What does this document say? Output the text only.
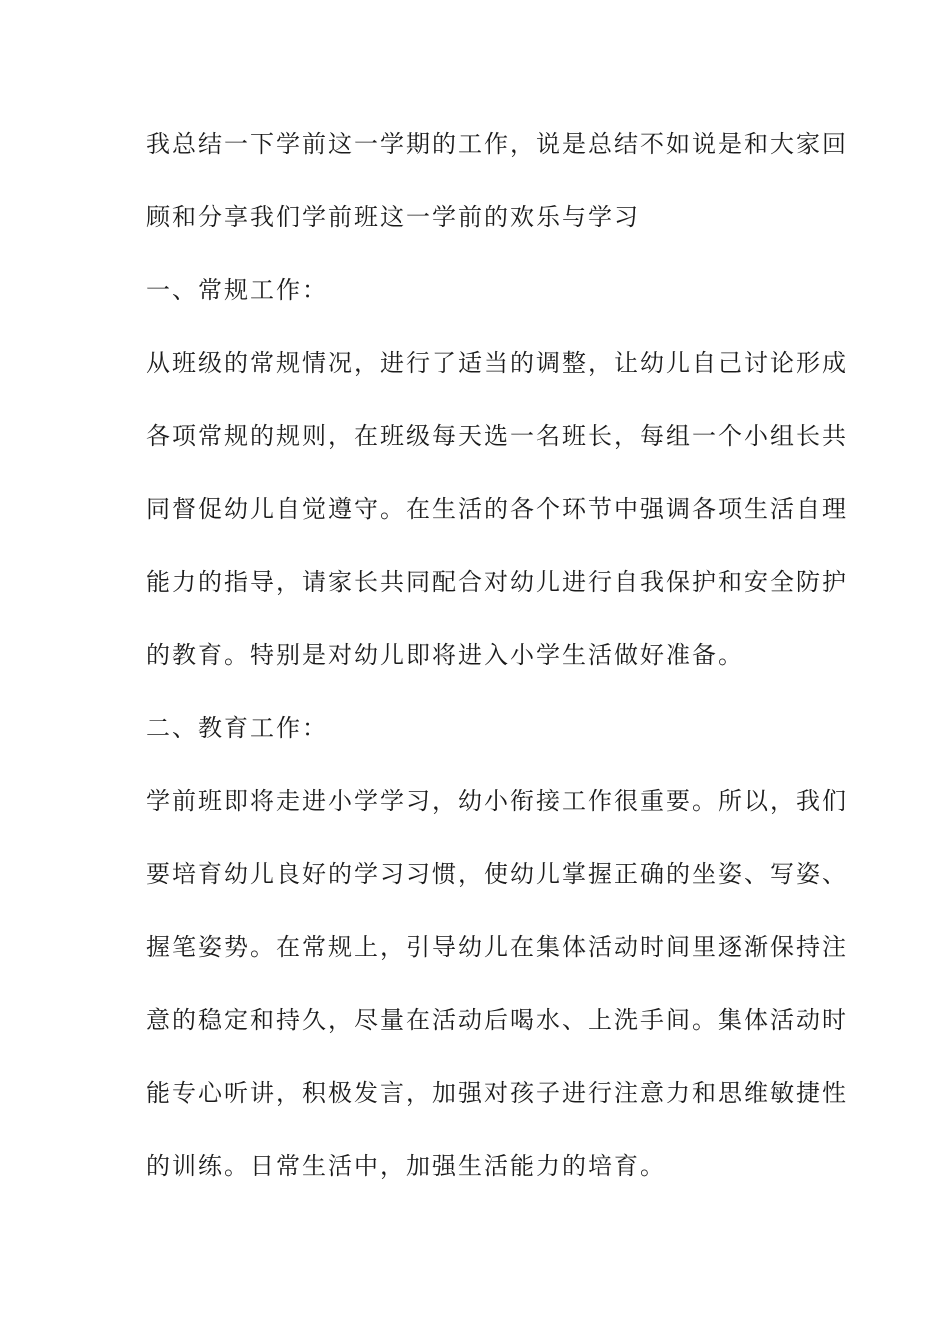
我总结一下学前这一学期的工作，说是总结不如说是和大家回
顾和分享我们学前班这一学前的欢乐与学习
一、常规工作：
从班级的常规情况，进行了适当的调整，让幼儿自己讨论形成
各项常规的规则，在班级每天选一名班长，每组一个小组长共
同督促幼儿自觉遵守。在生活的各个环节中强调各项生活自理
能力的指导，请家长共同配合对幼儿进行自我保护和安全防护
的教育。特别是对幼儿即将进入小学生活做好准备。
二、教育工作：
学前班即将走进小学学习，幼小衔接工作很重要。所以，我们
要培育幼儿良好的学习习惯，使幼儿掌握正确的坐姿、写姿、
握笔姿势。在常规上，引导幼儿在集体活动时间里逐渐保持注
意的稳定和持久，尽量在活动后喝水、上洗手间。集体活动时
能专心听讲，积极发言，加强对孩子进行注意力和思维敏捷性
的训练。日常生活中，加强生活能力的培育。
